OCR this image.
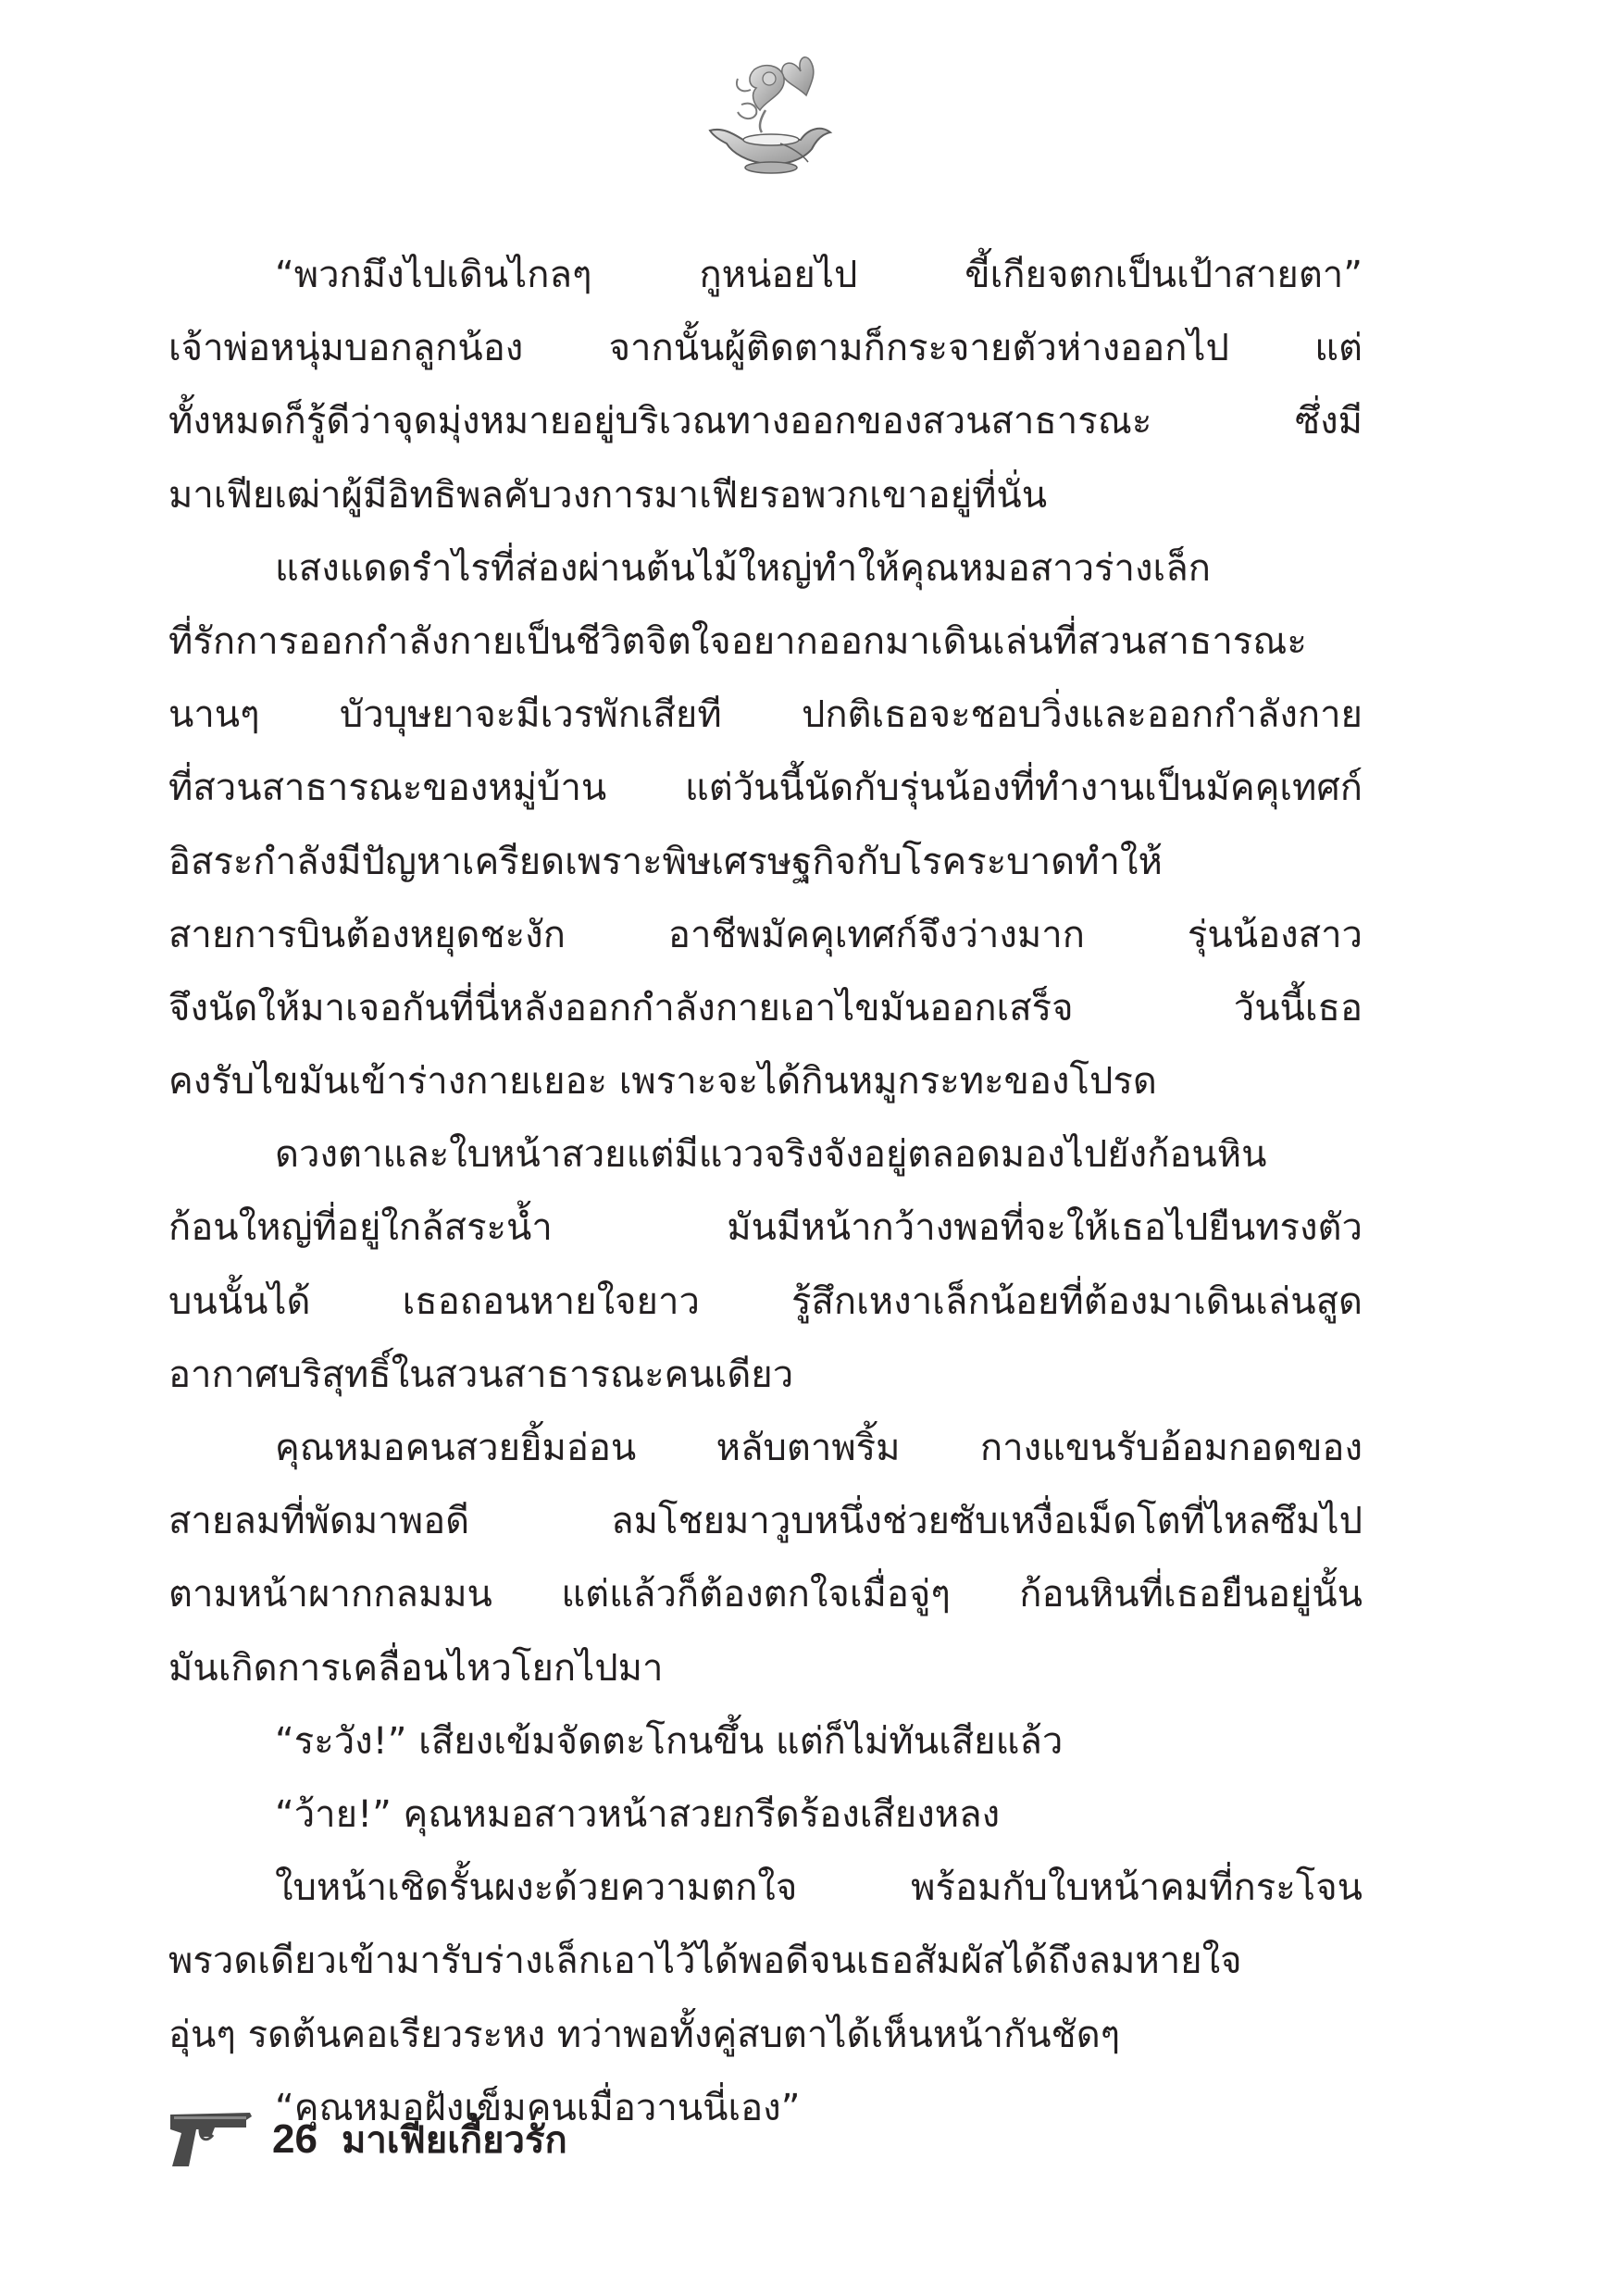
“พวกมึงไปเดินไกลๆ กูหน่อยไป ขี้เกียจตกเป็นเป้าสายตา”
เจ้าพ่อหนุ่มบอกลูกน้อง จากนั้นผู้ติดตามก็กระจายตัวห่างออกไป แต่
ทั้งหมดก็รู้ดีว่าจุดมุ่งหมายอยู่บริเวณทางออกของสวนสาธารณะ ซึ่งมี
มาเฟียเฒ่าผู้มีอิทธิพลคับวงการมาเฟียรอพวกเขาอยู่ที่นั่น
แสงแดดรำไรที่ส่องผ่านต้นไม้ใหญ่ทำให้คุณหมอสาวร่างเล็ก
ที่รักการออกกำลังกายเป็นชีวิตจิตใจอยากออกมาเดินเล่นที่สวนสาธารณะ
นานๆ บัวบุษยาจะมีเวรพักเสียที ปกติเธอจะชอบวิ่งและออกกำลังกาย
ที่สวนสาธารณะของหมู่บ้าน แต่วันนี้นัดกับรุ่นน้องที่ทำงานเป็นมัคคุเทศก์
อิสระกำลังมีปัญหาเครียดเพราะพิษเศรษฐกิจกับโรคระบาดทำให้
สายการบินต้องหยุดชะงัก อาชีพมัคคุเทศก์จึงว่างมาก รุ่นน้องสาว
จึงนัดให้มาเจอกันที่นี่หลังออกกำลังกายเอาไขมันออกเสร็จ วันนี้เธอ
คงรับไขมันเข้าร่างกายเยอะ เพราะจะได้กินหมูกระทะของโปรด
ดวงตาและใบหน้าสวยแต่มีแววจริงจังอยู่ตลอดมองไปยังก้อนหิน
ก้อนใหญ่ที่อยู่ใกล้สระน้ำ มันมีหน้ากว้างพอที่จะให้เธอไปยืนทรงตัว
บนนั้นได้ เธอถอนหายใจยาว รู้สึกเหงาเล็กน้อยที่ต้องมาเดินเล่นสูด
อากาศบริสุทธิ์ในสวนสาธารณะคนเดียว
คุณหมอคนสวยยิ้มอ่อน หลับตาพริ้ม กางแขนรับอ้อมกอดของ
สายลมที่พัดมาพอดี ลมโชยมาวูบหนึ่งช่วยซับเหงื่อเม็ดโตที่ไหลซึมไป
ตามหน้าผากกลมมน แต่แล้วก็ต้องตกใจเมื่อจู่ๆ ก้อนหินที่เธอยืนอยู่นั้น
มันเกิดการเคลื่อนไหวโยกไปมา
“ระวัง!” เสียงเข้มจัดตะโกนขึ้น แต่ก็ไม่ทันเสียแล้ว
“ว้าย!” คุณหมอสาวหน้าสวยกรีดร้องเสียงหลง
ใบหน้าเชิดรั้นผงะด้วยความตกใจ พร้อมกับใบหน้าคมที่กระโจน
พรวดเดียวเข้ามารับร่างเล็กเอาไว้ได้พอดีจนเธอสัมผัสได้ถึงลมหายใจ
อุ่นๆ รดต้นคอเรียวระหง ทว่าพอทั้งคู่สบตาได้เห็นหน้ากันชัดๆ
“คุณหมอฝังเข็มคนเมื่อวานนี่เอง”
26 มาเฟียเกี้ยวรัก
